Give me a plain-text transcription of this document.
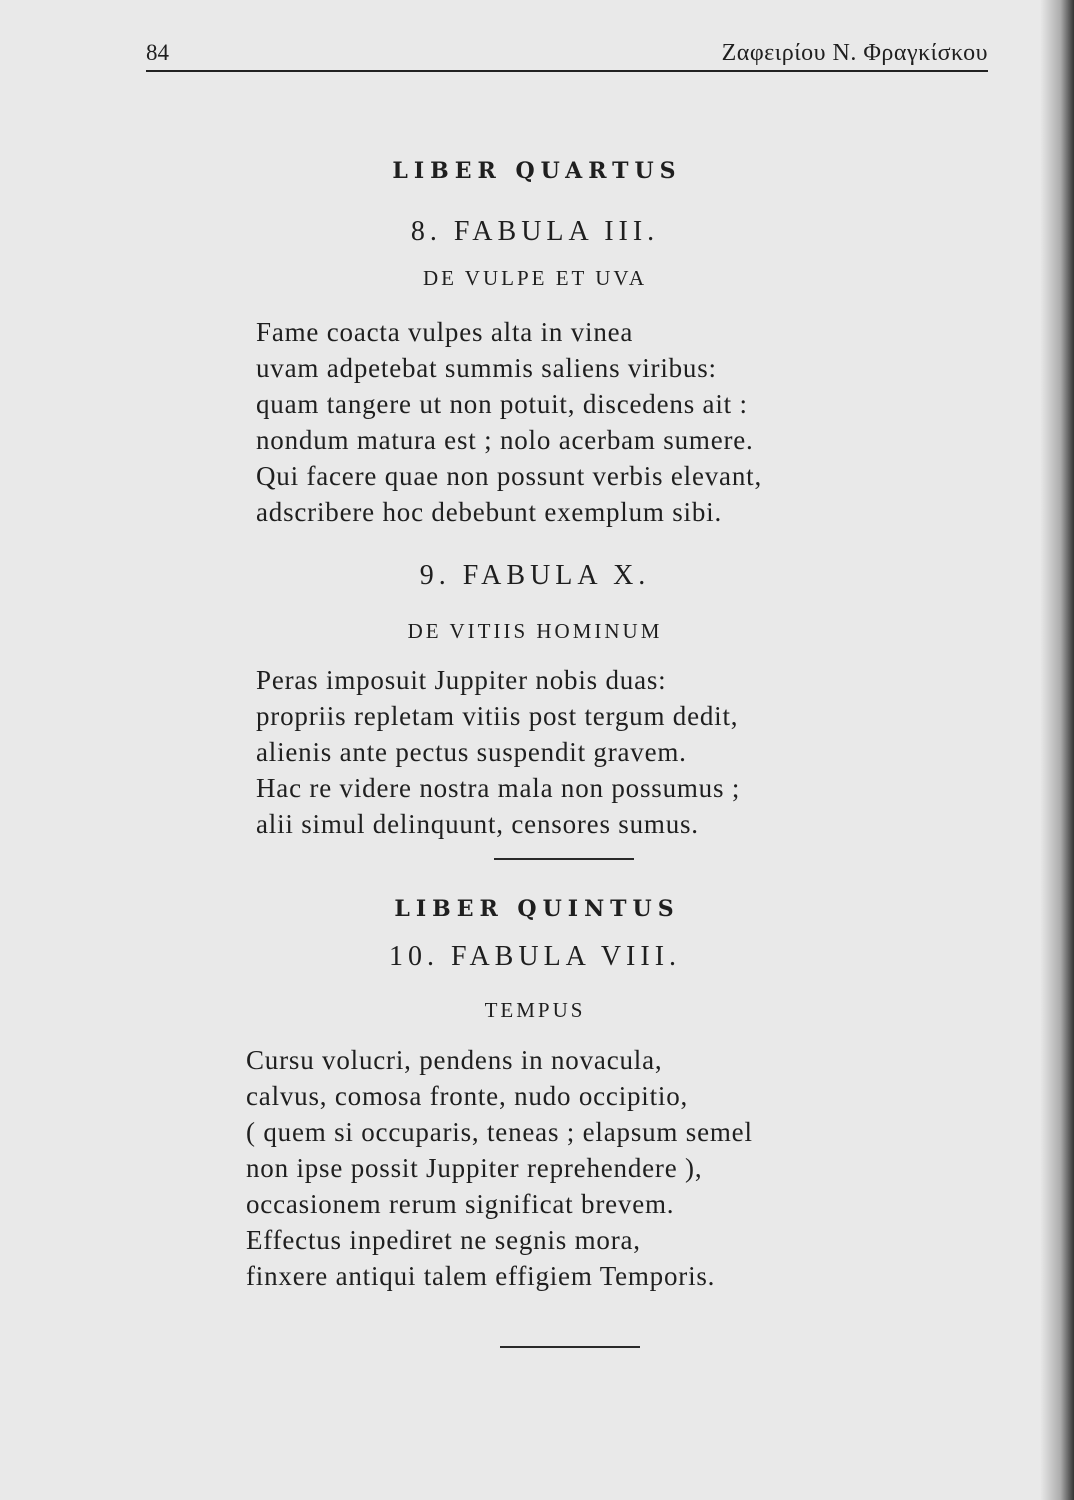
84	Ζαφειρίου Ν. Φραγκίσκου
LIBER QUARTUS
8. FABULA III.
DE VULPE ET UVA
Fame coacta vulpes alta in vinea
uvam adpetebat summis saliens viribus:
quam tangere ut non potuit, discedens ait :
nondum matura est ; nolo acerbam sumere.
Qui facere quae non possunt verbis elevant,
adscribere hoc debebunt exemplum sibi.
9. FABULA X.
DE VITIIS HOMINUM
Peras imposuit Juppiter nobis duas:
propriis repletam vitiis post tergum dedit,
alienis ante pectus suspendit gravem.
Hac re videre nostra mala non possumus ;
alii simul delinquunt, censores sumus.
LIBER QUINTUS
10. FABULA VIII.
TEMPUS
Cursu volucri, pendens in novacula,
calvus, comosa fronte, nudo occipitio,
( quem si occuparis, teneas ; elapsum semel
non ipse possit Juppiter reprehendere ),
occasionem rerum significat brevem.
Effectus inpediret ne segnis mora,
finxere antiqui talem effigiem Temporis.
